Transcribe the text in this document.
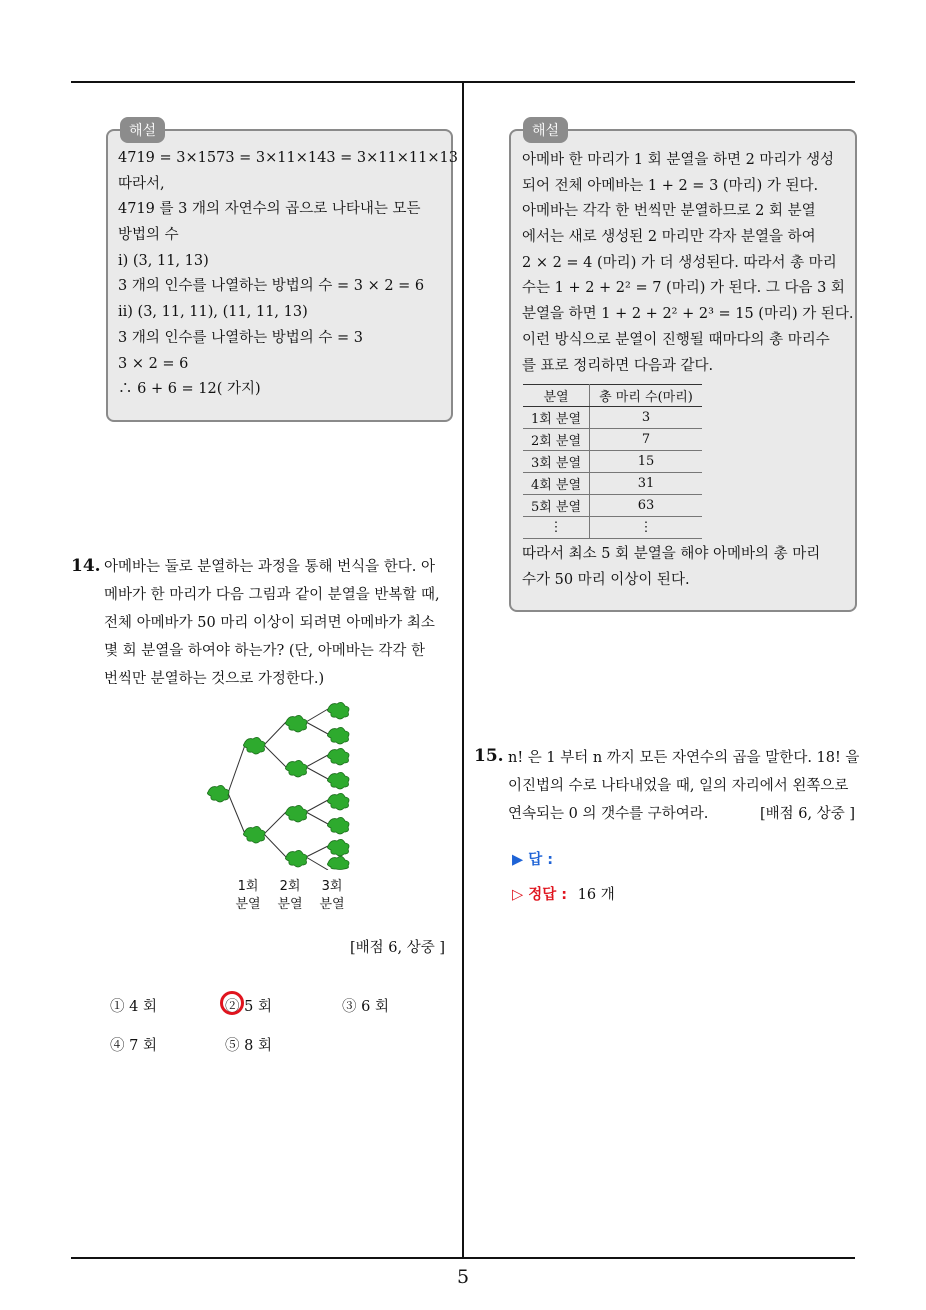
해설
4719 = 3×1573 = 3×11×143 = 3×11×11×13
따라서,
4719 를 3 개의 자연수의 곱으로 나타내는 모든
방법의 수
ⅰ) (3, 11, 13)
3 개의 인수를 나열하는 방법의 수 = 3 × 2 = 6
ⅱ) (3, 11, 11), (11, 11, 13)
3 개의 인수를 나열하는 방법의 수 = 3
3 × 2 = 6
∴ 6 + 6 = 12( 가지)
14. 아메바는 둘로 분열하는 과정을 통해 번식을 한다. 아
메바가 한 마리가 다음 그림과 같이 분열을 반복할 때,
전체 아메바가 50 마리 이상이 되려면 아메바가 최소
몇 회 분열을 하여야 하는가? (단, 아메바는 각각 한
번씩만 분열하는 것으로 가정한다.)
1회
분열
2회
분열
3회
분열
[배점 6, 상중 ]
① 4 회	② 5 회	③ 6 회
④ 7 회	⑤ 8 회
해설
아메바 한 마리가 1 회 분열을 하면 2 마리가 생성
되어 전체 아메바는 1 + 2 = 3 (마리) 가 된다.
아메바는 각각 한 번씩만 분열하므로 2 회 분열
에서는 새로 생성된 2 마리만 각자 분열을 하여
2 × 2 = 4 (마리) 가 더 생성된다. 따라서 총 마리
수는 1 + 2 + 2² = 7 (마리) 가 된다. 그 다음 3 회
분열을 하면 1 + 2 + 2² + 2³ = 15 (마리) 가 된다.
이런 방식으로 분열이 진행될 때마다의 총 마리수
를 표로 정리하면 다음과 같다.
분열	총 마리 수(마리)
1회 분열	3
2회 분열	7
3회 분열	15
4회 분열	31
5회 분열	63
⋮	⋮
따라서 최소 5 회 분열을 해야 아메바의 총 마리
수가 50 마리 이상이 된다.
15. n! 은 1 부터 n 까지 모든 자연수의 곱을 말한다. 18! 을
이진법의 수로 나타내었을 때, 일의 자리에서 왼쪽으로
연속되는 0 의 갯수를 구하여라.	[배점 6, 상중 ]
▶ 답 :
▷ 정답 : 16 개
5
